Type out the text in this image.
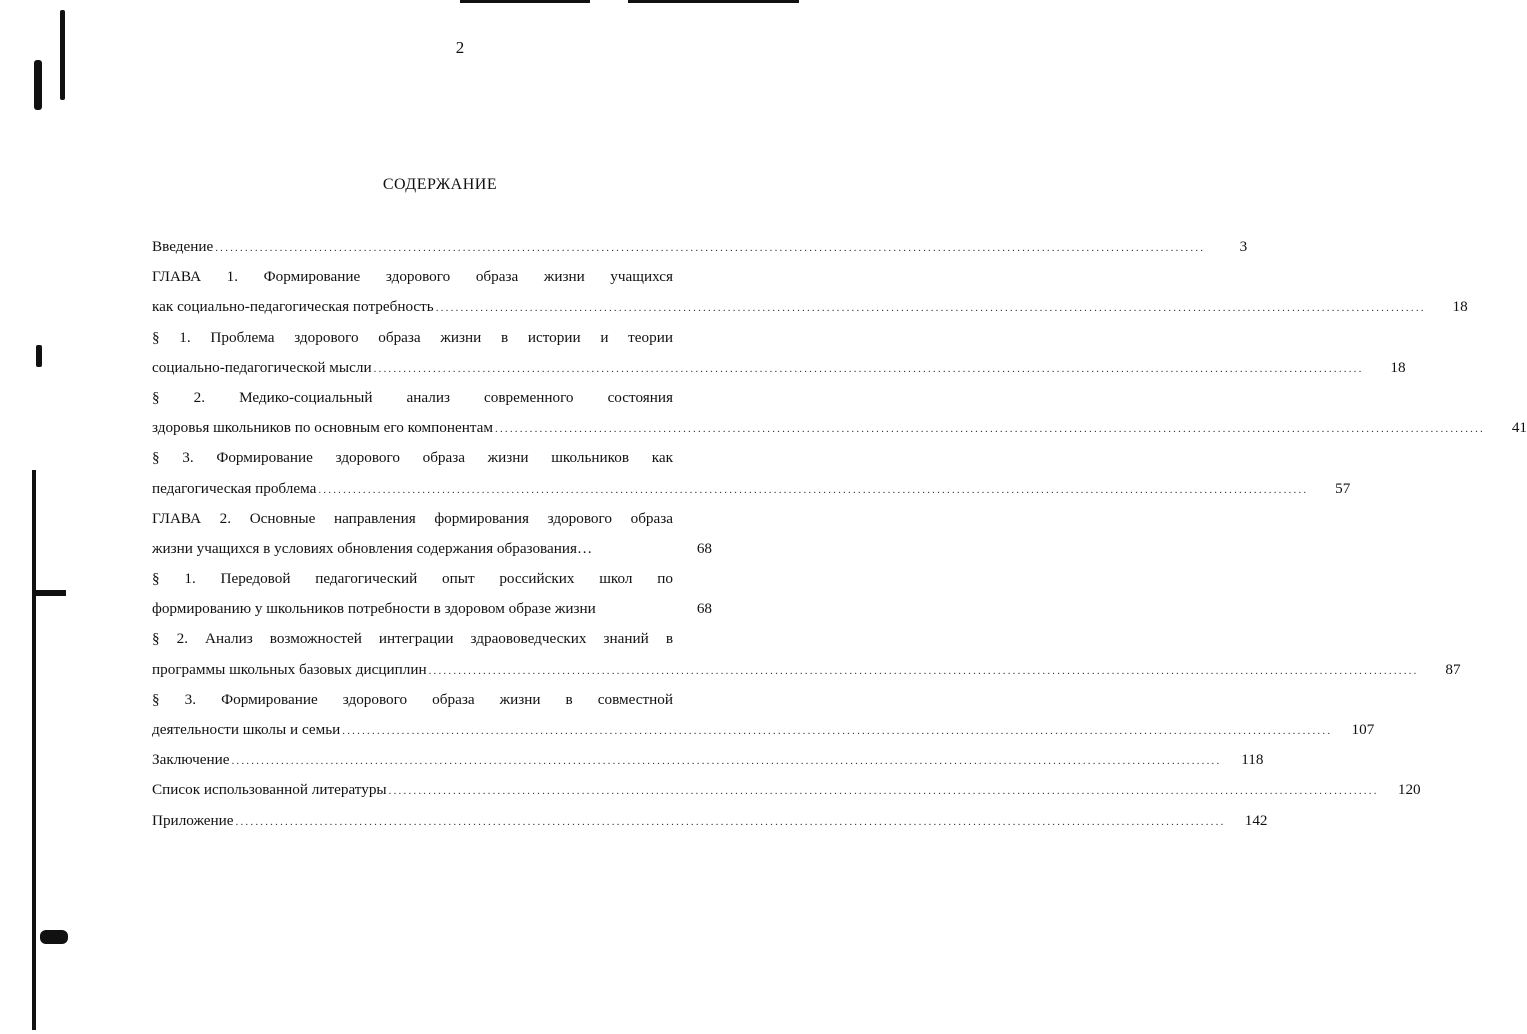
2
СОДЕРЖАНИЕ
Введение ........................................................................................................................................................................................................	3
ГЛАВА 1. Формирование здорового образа жизни учащихся
как социально-педагогическая потребность ........................................................................................................................................................................................................	18
§ 1. Проблема здорового образа жизни в истории и теории
социально-педагогической мысли ........................................................................................................................................................................................................	18
§ 2. Медико-социальный анализ современного состояния
здоровья школьников по основным его компонентам ........................................................................................................................................................................................................	41
§ 3. Формирование здорового образа жизни школьников как
педагогическая проблема ........................................................................................................................................................................................................	57
ГЛАВА 2. Основные направления формирования здорового образа
жизни учащихся в условиях обновления содержания образования…	68
§ 1. Передовой педагогический опыт российских школ по
формированию у школьников потребности в здоровом образе жизни	68
§ 2. Анализ возможностей интеграции здраововедческих знаний в
программы школьных базовых дисциплин ........................................................................................................................................................................................................	87
§ 3. Формирование здорового образа жизни в совместной
деятельности школы и семьи ........................................................................................................................................................................................................	107
Заключение ........................................................................................................................................................................................................	118
Список использованной литературы ........................................................................................................................................................................................................	120
Приложение ........................................................................................................................................................................................................	142
